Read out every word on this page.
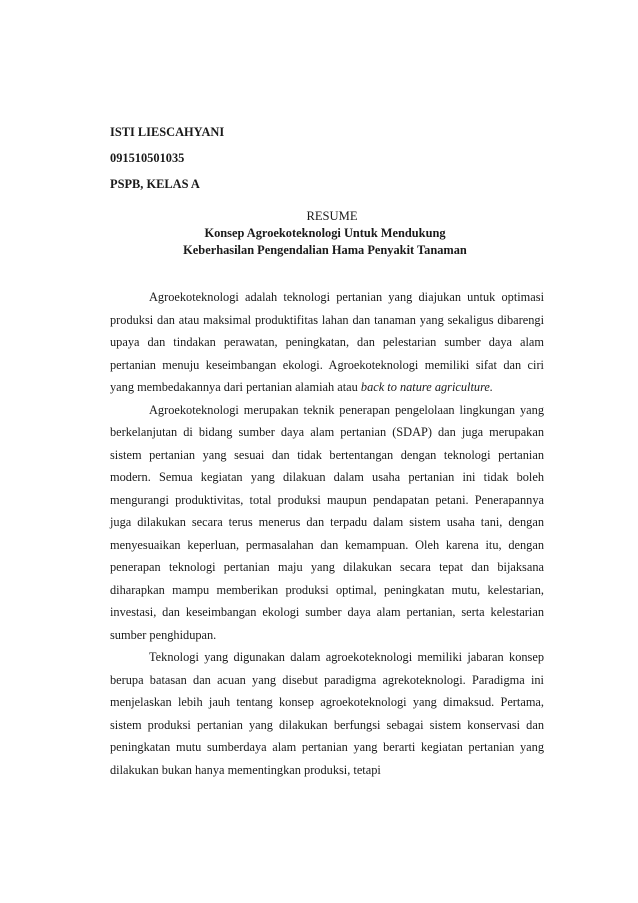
ISTI LIESCAHYANI
091510501035
PSPB, KELAS A
RESUME
Konsep Agroekoteknologi Untuk Mendukung
Keberhasilan Pengendalian Hama Penyakit Tanaman

Agroekoteknologi adalah teknologi pertanian yang diajukan untuk optimasi produksi dan atau maksimal produktifitas lahan dan tanaman yang sekaligus dibarengi upaya dan tindakan perawatan, peningkatan, dan pelestarian sumber daya alam pertanian menuju keseimbangan ekologi. Agroekoteknologi memiliki sifat dan ciri yang membedakannya dari pertanian alamiah atau back to nature agriculture.

Agroekoteknologi merupakan teknik penerapan pengelolaan lingkungan yang berkelanjutan di bidang sumber daya alam pertanian (SDAP) dan juga merupakan sistem pertanian yang sesuai dan tidak bertentangan dengan teknologi pertanian modern. Semua kegiatan yang dilakuan dalam usaha pertanian ini tidak boleh mengurangi produktivitas, total produksi maupun pendapatan petani. Penerapannya juga dilakukan secara terus menerus dan terpadu dalam sistem usaha tani, dengan menyesuaikan keperluan, permasalahan dan kemampuan. Oleh karena itu, dengan penerapan teknologi pertanian maju yang dilakukan secara tepat dan bijaksana diharapkan mampu memberikan produksi optimal, peningkatan mutu, kelestarian, investasi, dan keseimbangan ekologi sumber daya alam pertanian, serta kelestarian sumber penghidupan.

Teknologi yang digunakan dalam agroekoteknologi memiliki jabaran konsep berupa batasan dan acuan yang disebut paradigma agrekoteknologi. Paradigma ini menjelaskan lebih jauh tentang konsep agroekoteknologi yang dimaksud. Pertama, sistem produksi pertanian yang dilakukan berfungsi sebagai sistem konservasi dan peningkatan mutu sumberdaya alam pertanian yang berarti kegiatan pertanian yang dilakukan bukan hanya mementingkan produksi, tetapi
